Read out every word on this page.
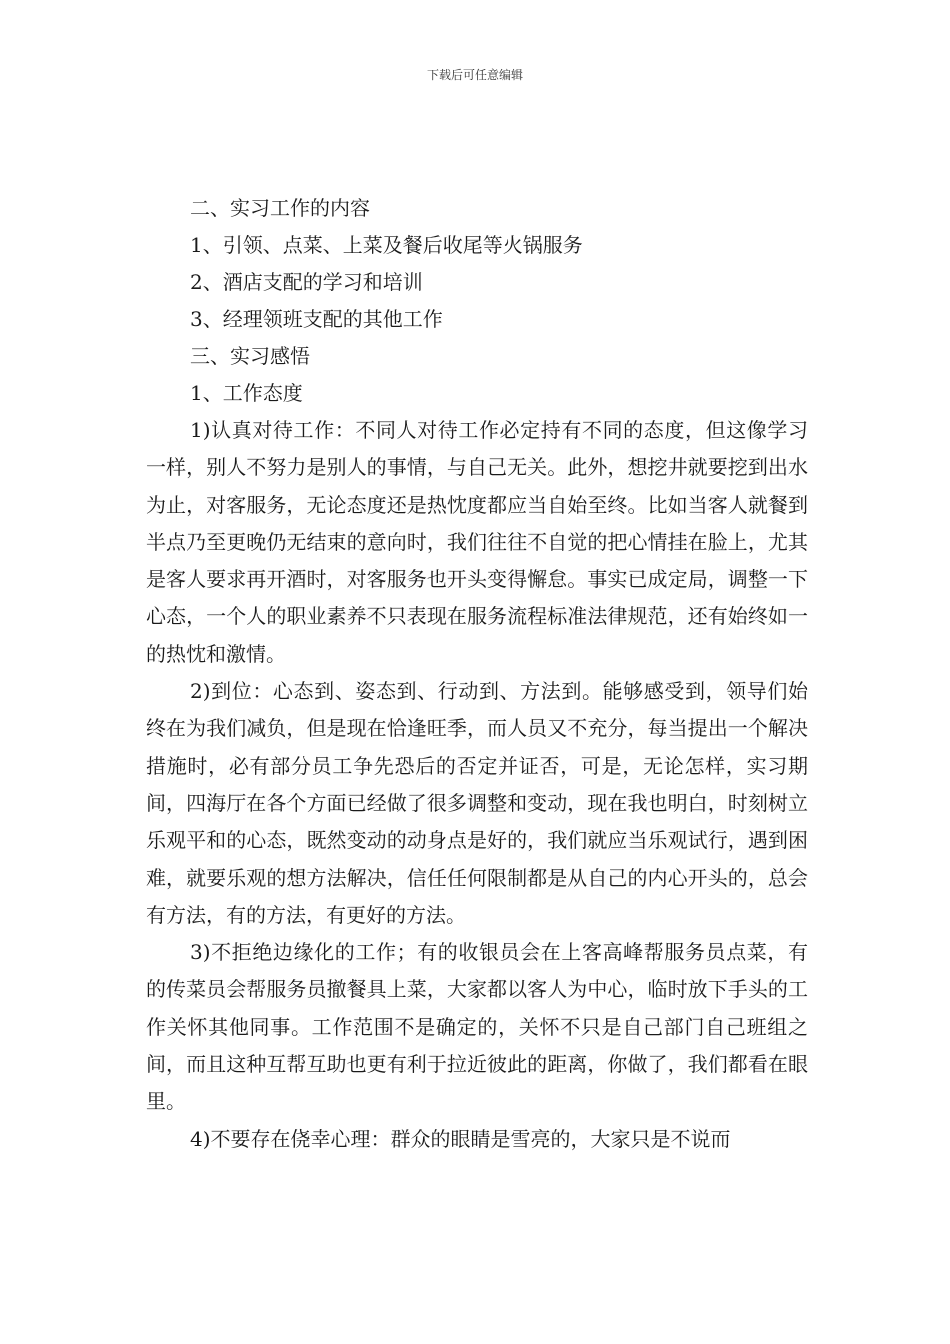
下载后可任意编辑
二、实习工作的内容
1、引领、点菜、上菜及餐后收尾等火锅服务
2、酒店支配的学习和培训
3、经理领班支配的其他工作
三、实习感悟
1、工作态度

1)认真对待工作：不同人对待工作必定持有不同的态度，但这像学习一样，别人不努力是别人的事情，与自己无关。此外，想挖井就要挖到出水为止，对客服务，无论态度还是热忱度都应当自始至终。比如当客人就餐到半点乃至更晚仍无结束的意向时，我们往往不自觉的把心情挂在脸上，尤其是客人要求再开酒时，对客服务也开头变得懈怠。事实已成定局，调整一下心态，一个人的职业素养不只表现在服务流程标准法律规范，还有始终如一的热忱和激情。

2)到位：心态到、姿态到、行动到、方法到。能够感受到，领导们始终在为我们减负，但是现在恰逢旺季，而人员又不充分，每当提出一个解决措施时，必有部分员工争先恐后的否定并证否，可是，无论怎样，实习期间，四海厅在各个方面已经做了很多调整和变动，现在我也明白，时刻树立乐观平和的心态，既然变动的动身点是好的，我们就应当乐观试行，遇到困难，就要乐观的想方法解决，信任任何限制都是从自己的内心开头的，总会有方法，有的方法，有更好的方法。

3)不拒绝边缘化的工作；有的收银员会在上客高峰帮服务员点菜，有的传菜员会帮服务员撤餐具上菜，大家都以客人为中心，临时放下手头的工作关怀其他同事。工作范围不是确定的，关怀不只是自己部门自己班组之间，而且这种互帮互助也更有利于拉近彼此的距离，你做了，我们都看在眼里。

4)不要存在侥幸心理：群众的眼睛是雪亮的，大家只是不说而
